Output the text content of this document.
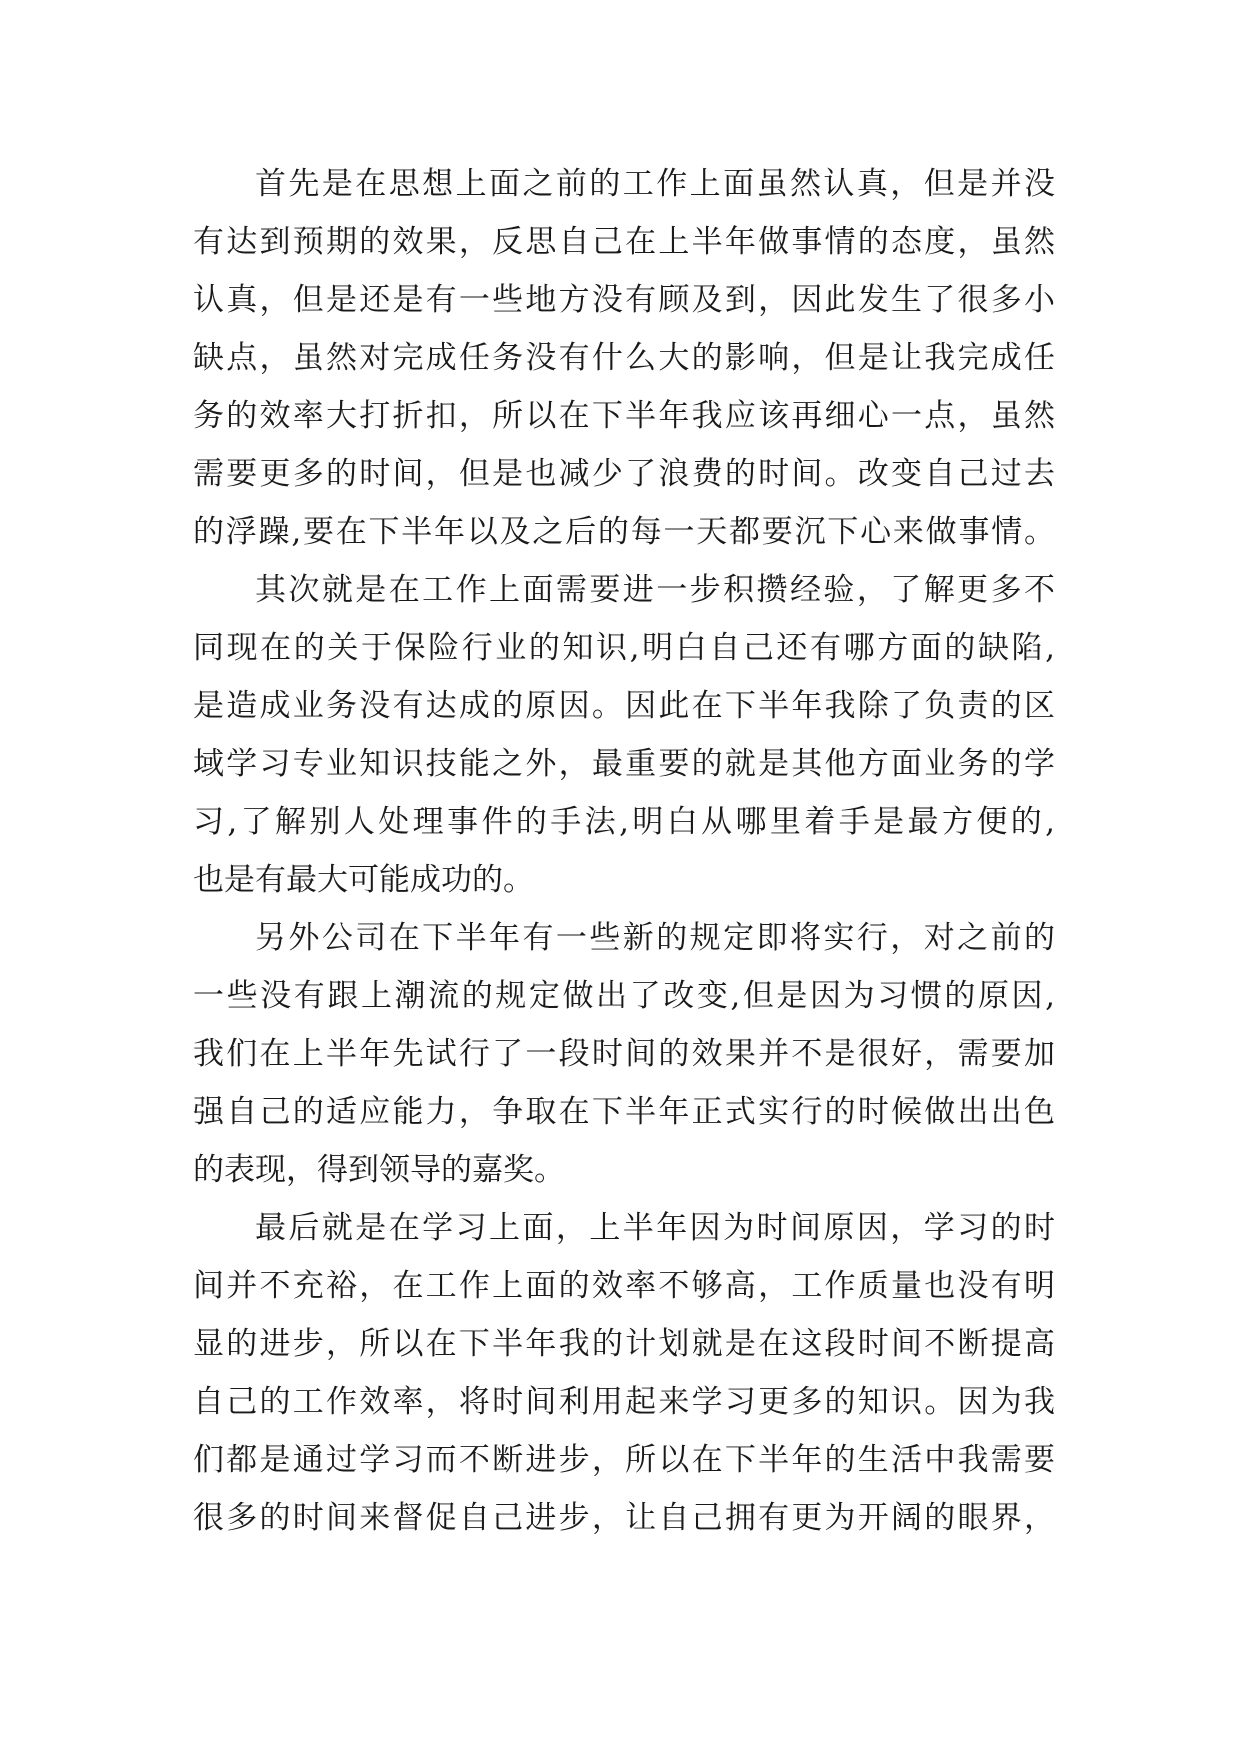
首先是在思想上面之前的工作上面虽然认真，但是并没
有达到预期的效果，反思自己在上半年做事情的态度，虽然
认真，但是还是有一些地方没有顾及到，因此发生了很多小
缺点，虽然对完成任务没有什么大的影响，但是让我完成任
务的效率大打折扣，所以在下半年我应该再细心一点，虽然
需要更多的时间，但是也减少了浪费的时间。改变自己过去
的浮躁,要在下半年以及之后的每一天都要沉下心来做事情。
其次就是在工作上面需要进一步积攒经验，了解更多不
同现在的关于保险行业的知识,明白自己还有哪方面的缺陷,
是造成业务没有达成的原因。因此在下半年我除了负责的区
域学习专业知识技能之外，最重要的就是其他方面业务的学
习,了解别人处理事件的手法,明白从哪里着手是最方便的,
也是有最大可能成功的。
另外公司在下半年有一些新的规定即将实行，对之前的
一些没有跟上潮流的规定做出了改变,但是因为习惯的原因,
我们在上半年先试行了一段时间的效果并不是很好，需要加
强自己的适应能力，争取在下半年正式实行的时候做出出色
的表现，得到领导的嘉奖。
最后就是在学习上面，上半年因为时间原因，学习的时
间并不充裕，在工作上面的效率不够高，工作质量也没有明
显的进步，所以在下半年我的计划就是在这段时间不断提高
自己的工作效率，将时间利用起来学习更多的知识。因为我
们都是通过学习而不断进步，所以在下半年的生活中我需要
很多的时间来督促自己进步，让自己拥有更为开阔的眼界，
